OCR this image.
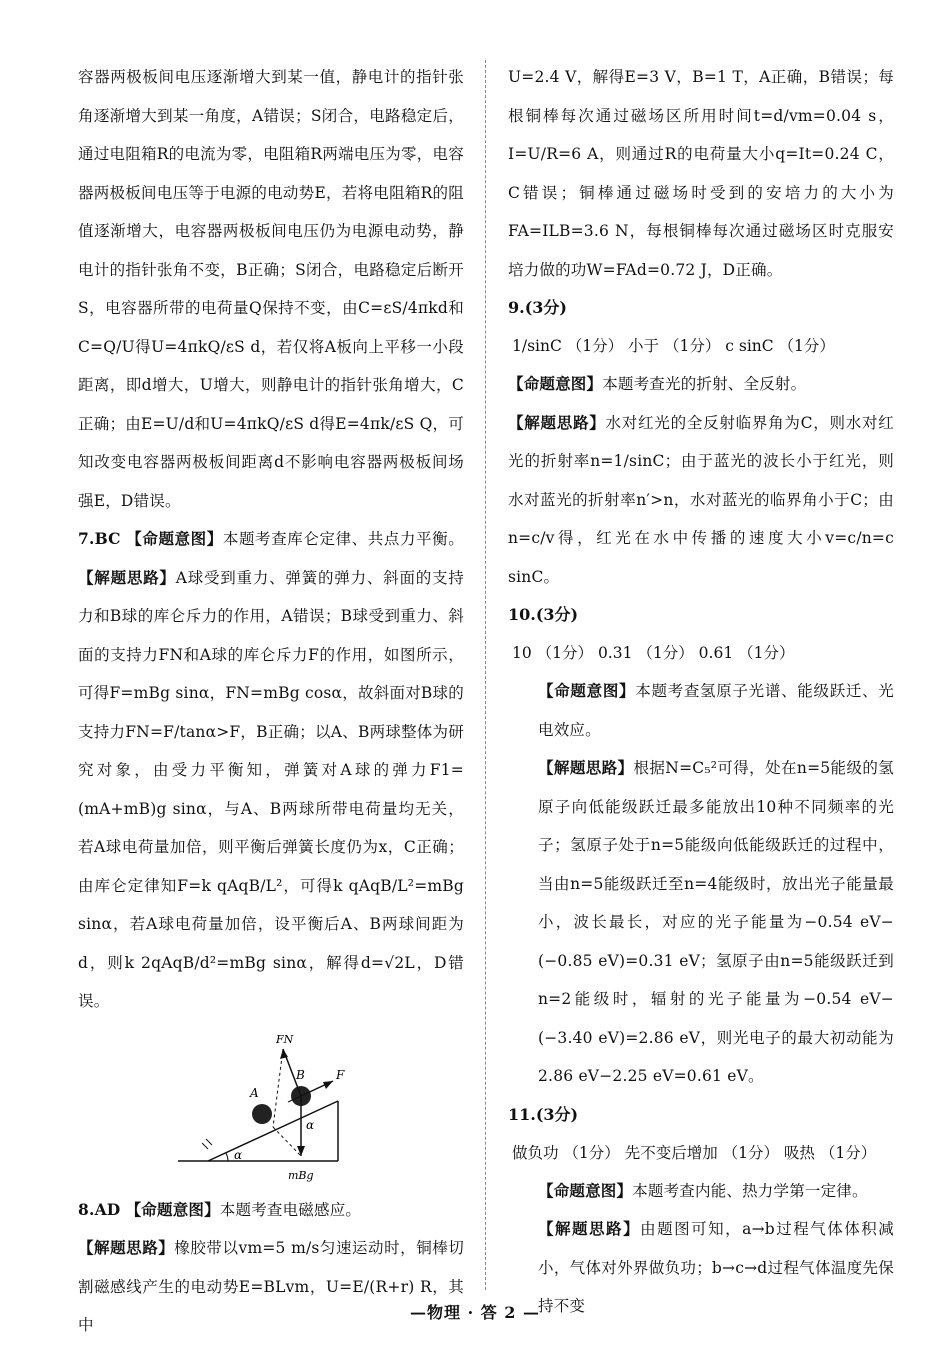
容器两极板间电压逐渐增大到某一值，静电计的指针张角逐渐增大到某一角度，A错误；S闭合，电路稳定后，通过电阻箱R的电流为零，电阻箱R两端电压为零，电容器两极板间电压等于电源的电动势E，若将电阻箱R的阻值逐渐增大，电容器两极板间电压仍为电源电动势，静电计的指针张角不变，B正确；S闭合，电路稳定后断开S，电容器所带的电荷量Q保持不变，由C=εS/4πkd和C=Q/U得U=4πkQ/εS d，若仅将A板向上平移一小段距离，即d增大，U增大，则静电计的指针张角增大，C正确；由E=U/d和U=4πkQ/εS d得E=4πk/εS Q，可知改变电容器两极板间距离d不影响电容器两极板间场强E，D错误。

7.BC 【命题意图】本题考查库仑定律、共点力平衡。 【解题思路】A球受到重力、弹簧的弹力、斜面的支持力和B球的库仑斥力的作用，A错误；B球受到重力、斜面的支持力FN和A球的库仑斥力F的作用，如图所示，可得F=mBg sinα，FN=mBg cosα，故斜面对B球的支持力FN=F/tanα>F，B正确；以A、B两球整体为研究对象，由受力平衡知，弹簧对A球的弹力F1=(mA+mB)g sinα，与A、B两球所带电荷量均无关，若A球电荷量加倍，则平衡后弹簧长度仍为x，C正确；由库仑定律知F=k qAqB/L²，可得k qAqB/L²=mBg sinα，若A球电荷量加倍，设平衡后A、B两球间距为d，则k 2qAqB/d²=mBg sinα，解得d=√2L，D错误。

FN
B	F
A
α
α
mBg

8.AD 【命题意图】本题考查电磁感应。

【解题思路】橡胶带以vm=5 m/s匀速运动时，铜棒切割磁感线产生的电动势E=BLvm，U=E/(R+r) R，其中

U=2.4 V，解得E=3 V，B=1 T，A正确，B错误；每根铜棒每次通过磁场区所用时间t=d/vm=0.04 s，I=U/R=6 A，则通过R的电荷量大小q=It=0.24 C，C错误；铜棒通过磁场时受到的安培力的大小为FA=ILB=3.6 N，每根铜棒每次通过磁场区时克服安培力做的功W=FAd=0.72 J，D正确。

9.(3分)

1/sinC （1分） 小于 （1分） c sinC （1分）

【命题意图】本题考查光的折射、全反射。

【解题思路】水对红光的全反射临界角为C，则水对红光的折射率n=1/sinC；由于蓝光的波长小于红光，则水对蓝光的折射率n′>n，水对蓝光的临界角小于C；由n=c/v得，红光在水中传播的速度大小v=c/n=c sinC。

10.(3分)

10 （1分） 0.31 （1分） 0.61 （1分）

【命题意图】本题考查氢原子光谱、能级跃迁、光电效应。

【解题思路】根据N=C₅²可得，处在n=5能级的氢原子向低能级跃迁最多能放出10种不同频率的光子；氢原子处于n=5能级向低能级跃迁的过程中，当由n=5能级跃迁至n=4能级时，放出光子能量最小，波长最长，对应的光子能量为−0.54 eV−(−0.85 eV)=0.31 eV；氢原子由n=5能级跃迁到n=2能级时，辐射的光子能量为−0.54 eV−(−3.40 eV)=2.86 eV，则光电子的最大初动能为2.86 eV−2.25 eV=0.61 eV。

11.(3分)

做负功 （1分） 先不变后增加 （1分） 吸热 （1分）

【命题意图】本题考查内能、热力学第一定律。

【解题思路】由题图可知，a→b过程气体体积减小，气体对外界做负功；b→c→d过程气体温度先保持不变

—物理 · 答 2 —
